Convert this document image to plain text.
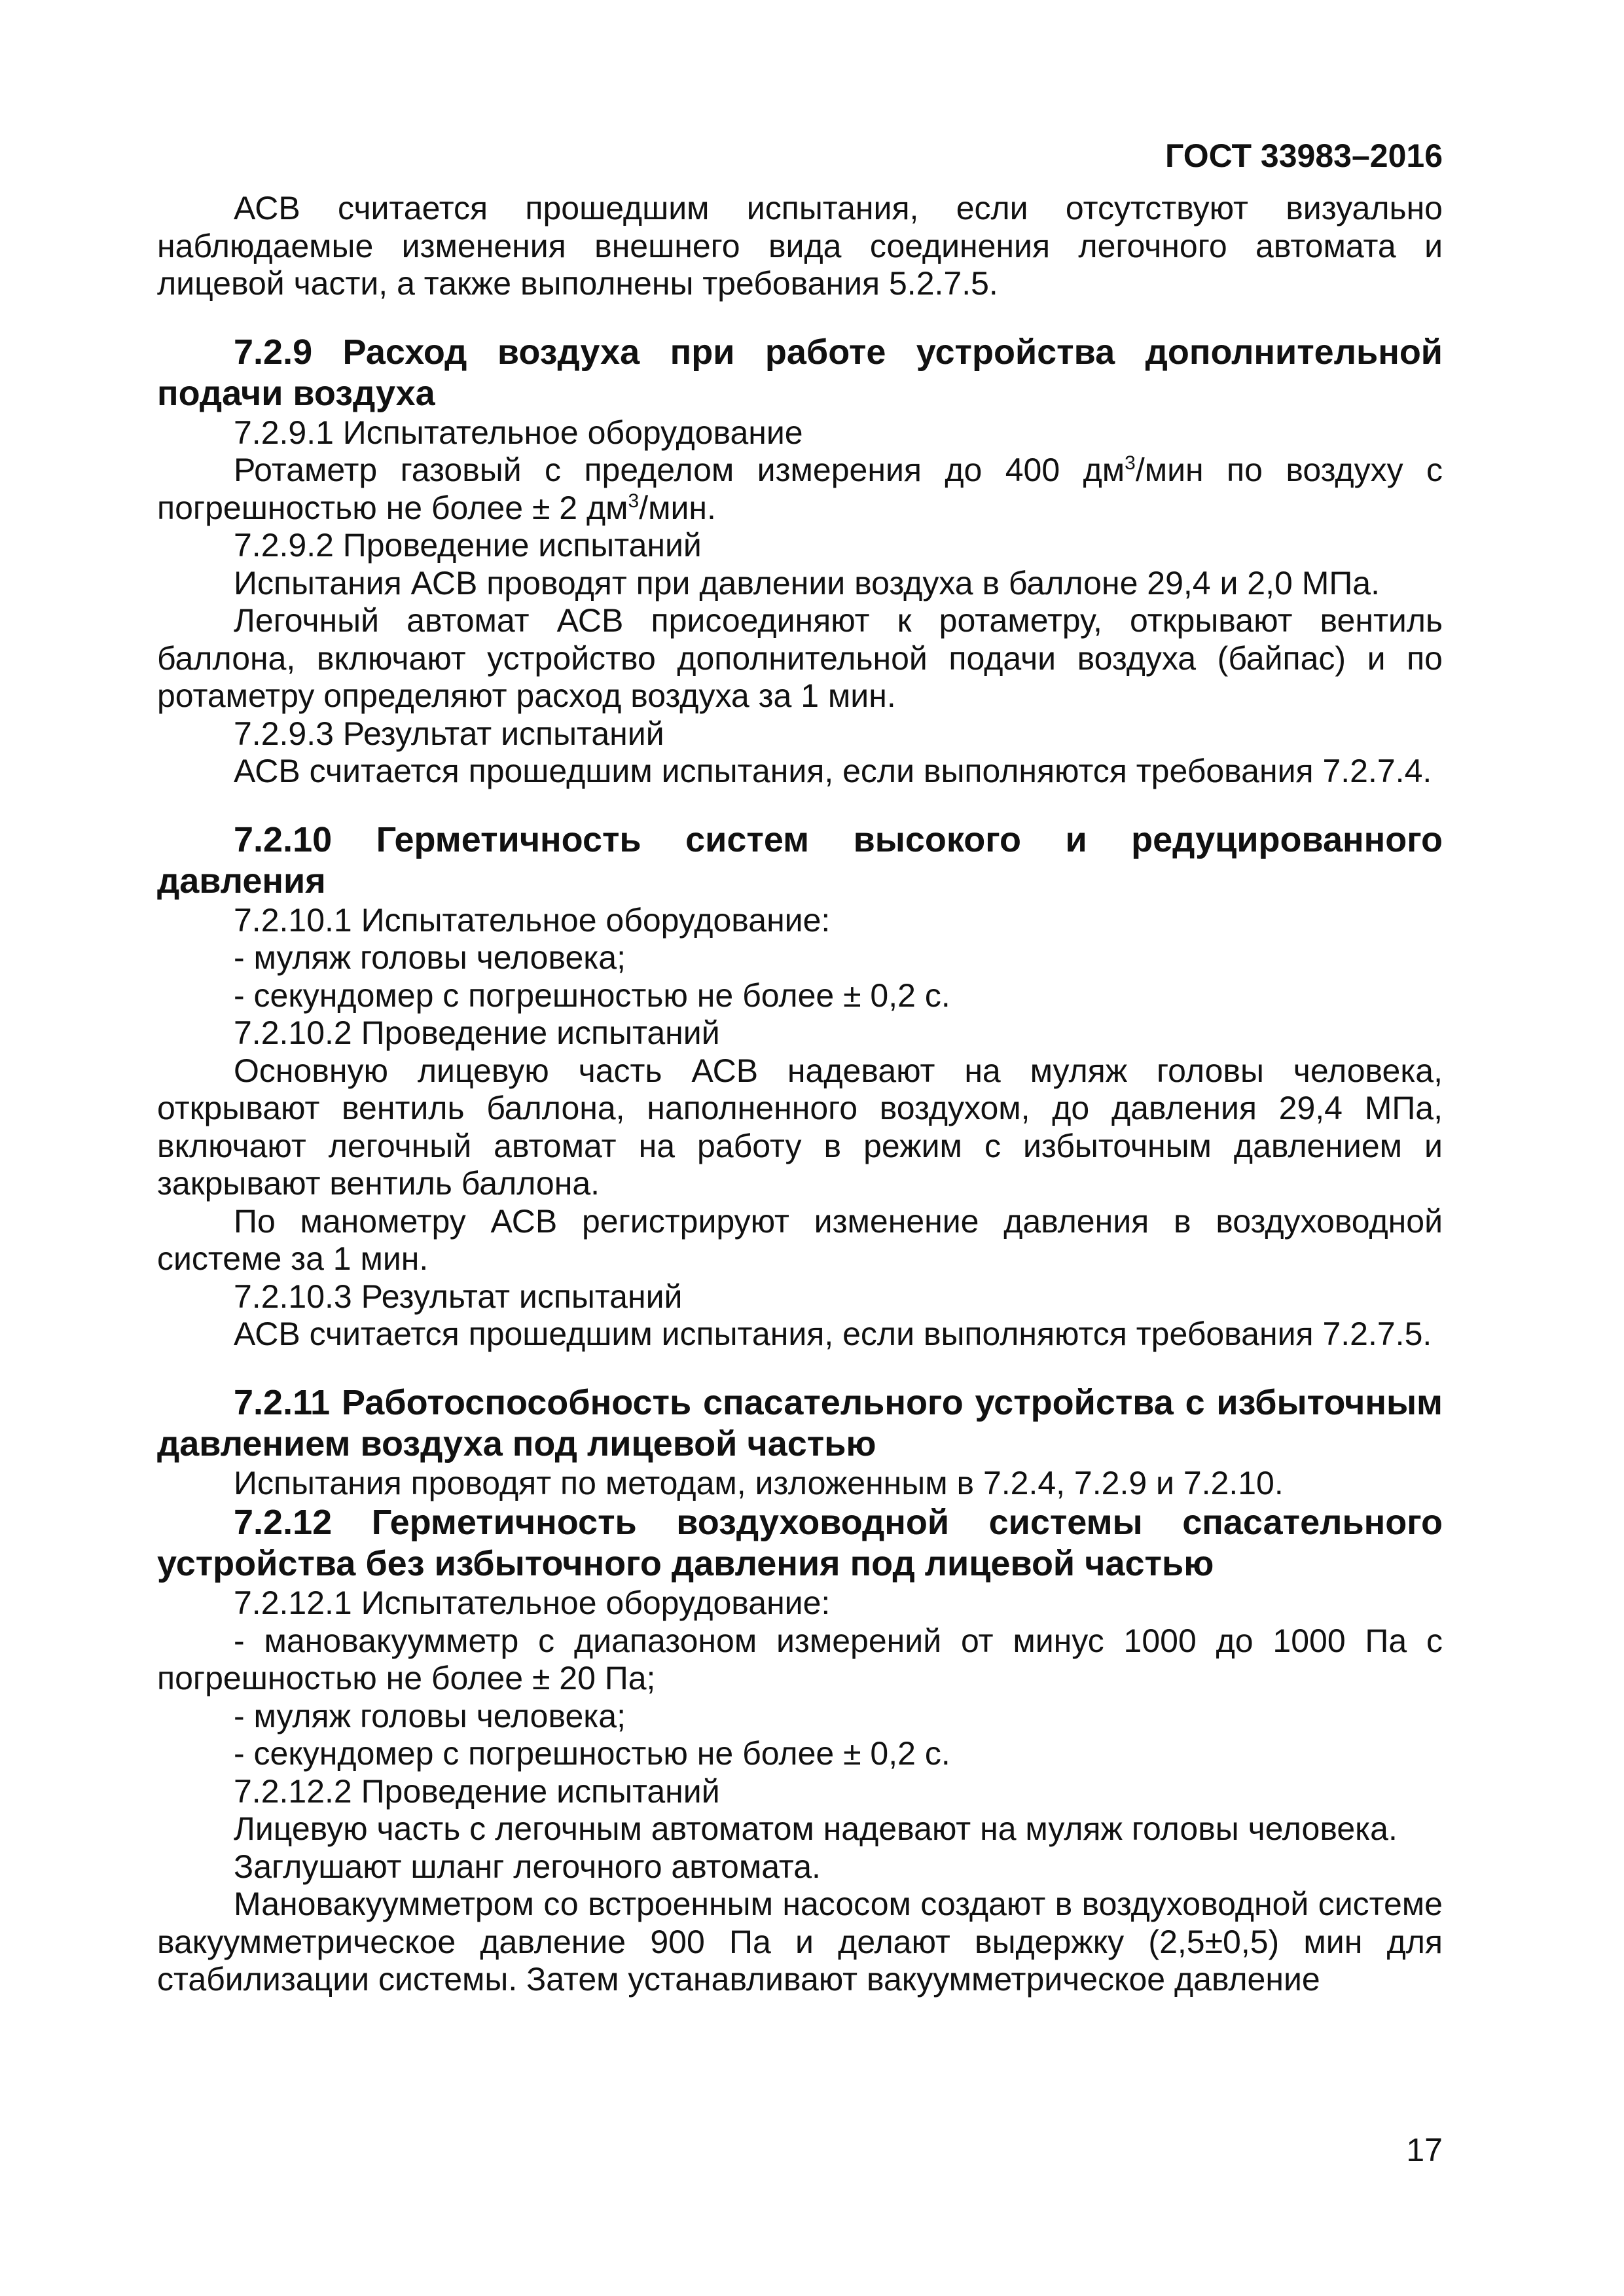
ГОСТ 33983–2016

АСВ считается прошедшим испытания, если отсутствуют визуально наблюдаемые изменения внешнего вида соединения легочного автомата и лицевой части, а также выполнены требования 5.2.7.5.

7.2.9 Расход воздуха при работе устройства дополнительной подачи воздуха

7.2.9.1 Испытательное оборудование

Ротаметр газовый с пределом измерения до 400 $дм^3$/мин по воздуху с погрешностью не более ± 2 $дм^3$/мин.

7.2.9.2 Проведение испытаний

Испытания АСВ проводят при давлении воздуха в баллоне 29,4 и 2,0 МПа.

Легочный автомат АСВ присоединяют к ротаметру, открывают вентиль баллона, включают устройство дополнительной подачи воздуха (байпас) и по ротаметру определяют расход воздуха за 1 мин.

7.2.9.3 Результат испытаний

АСВ считается прошедшим испытания, если выполняются требования 7.2.7.4.

7.2.10 Герметичность систем высокого и редуцированного давления

7.2.10.1 Испытательное оборудование:

- муляж головы человека;

- секундомер с погрешностью не более ± 0,2 с.

7.2.10.2 Проведение испытаний

Основную лицевую часть АСВ надевают на муляж головы человека, открывают вентиль баллона, наполненного воздухом, до давления 29,4 МПа, включают легочный автомат на работу в режим с избыточным давлением и закрывают вентиль баллона.

По манометру АСВ регистрируют изменение давления в воздуховодной системе за 1 мин.

7.2.10.3 Результат испытаний

АСВ считается прошедшим испытания, если выполняются требования 7.2.7.5.

7.2.11 Работоспособность спасательного устройства с избыточным давлением воздуха под лицевой частью

Испытания проводят по методам, изложенным в 7.2.4, 7.2.9 и 7.2.10.

7.2.12 Герметичность воздуховодной системы спасательного устройства без избыточного давления под лицевой частью

7.2.12.1 Испытательное оборудование:

- мановакуумметр с диапазоном измерений от минус 1000 до 1000 Па с погрешностью не более ± 20 Па;

- муляж головы человека;

- секундомер с погрешностью не более ± 0,2 с.

7.2.12.2 Проведение испытаний

Лицевую часть с легочным автоматом надевают на муляж головы человека.

Заглушают шланг легочного автомата.

Мановакуумметром со встроенным насосом создают в воздуховодной системе вакуумметрическое давление 900 Па и делают выдержку (2,5±0,5) мин для стабилизации системы. Затем устанавливают вакуумметрическое давление

17
